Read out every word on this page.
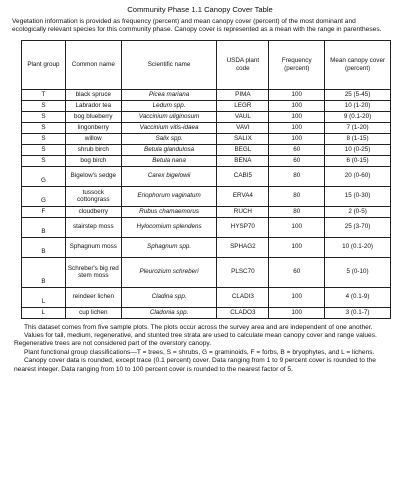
Community Phase 1.1 Canopy Cover Table
Vegetation information is provided as frequency (percent) and mean canopy cover (percent) of the most dominant and ecologically relevant species for this community phase. Canopy cover is represented as a mean with the range in parentheses.
Plant group	Common name	Scientific name	USDA plant code	Frequency (percent)	Mean canopy cover (percent)
T	black spruce	Picea mariana	PIMA	100	25 (5-45)
S	Labrador tea	Ledum spp.	LEGR	100	10 (1-20)
S	bog blueberry	Vaccinium uliginosum	VAUL	100	9 (0.1-20)
S	lingonberry	Vaccinium vitis-idaea	VAVI	100	7 (1-20)
S	willow	Salix spp.	SALIX	100	8 (1-15)
S	shrub birch	Betula glandulosa	BEGL	60	10 (0-25)
S	bog birch	Betula nana	BENA	60	6 (0-15)
G	Bigelow's sedge	Carex bigelowii	CABI5	80	20 (0-60)
G	tussock cottongrass	Eriophorum vaginatum	ERVA4	80	15 (0-30)
F	cloudberry	Rubus chamaemorus	RUCH	80	2 (0-5)
B	stairstep moss	Hylocomium splendens	HYSP70	100	25 (3-70)
B	Sphagnum moss	Sphagnum spp.	SPHAG2	100	10 (0.1-20)
B	Schreber's big red stem moss	Pleurozium schreberi	PLSC70	60	5 (0-10)
L	reindeer lichen	Cladina spp.	CLADI3	100	4 (0.1-9)
L	cup lichen	Cladonia spp.	CLADO3	100	3 (0.1-7)

This dataset comes from five sample plots. The plots occur across the survey area and are independent of one another.

Values for tall, medium, regenerative, and stunted tree strata are used to calculate mean canopy cover and range values. Regenerative trees are not considered part of the overstory canopy.

Plant functional group classifications—T = trees, S = shrubs, G = graminoids, F = forbs, B = bryophytes, and L = lichens.

Canopy cover data is rounded, except trace (0.1 percent) cover. Data ranging from 1 to 9 percent cover is rounded to the nearest integer. Data ranging from 10 to 100 percent cover is rounded to the nearest factor of 5.
